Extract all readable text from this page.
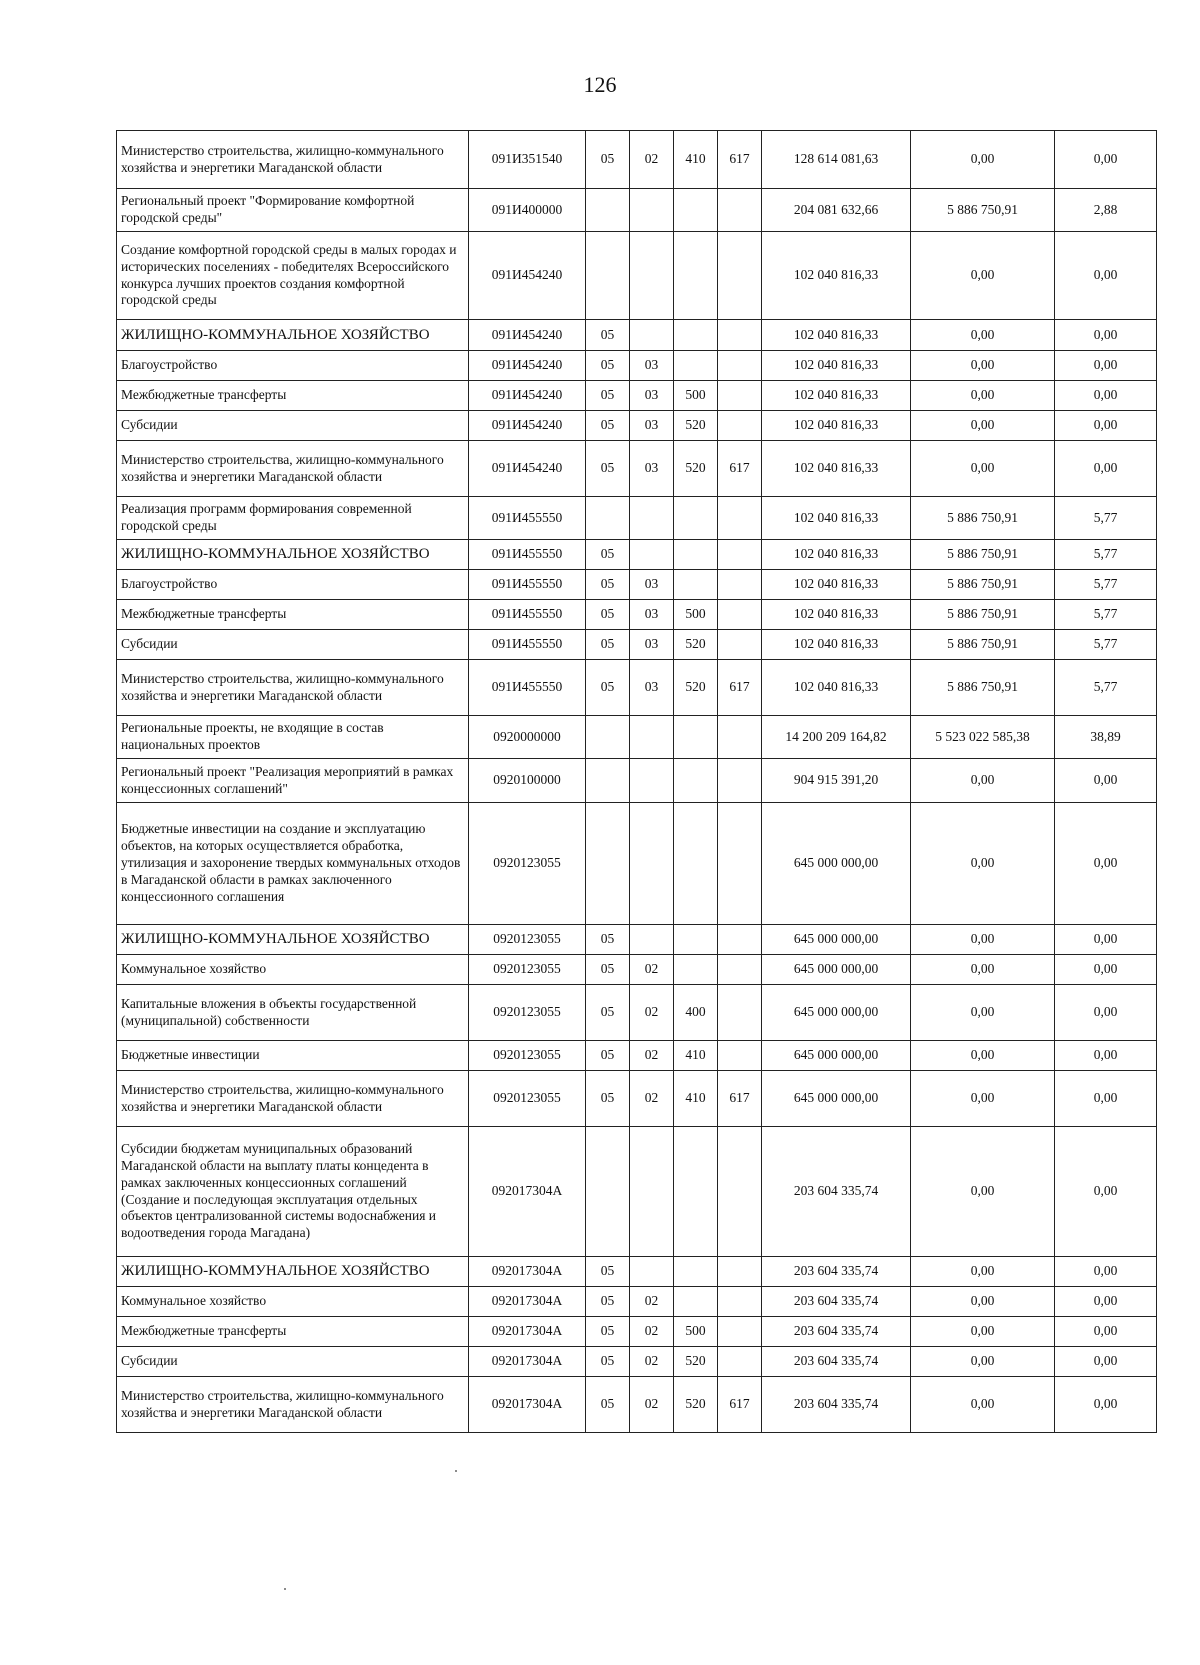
126
Министерство строительства, жилищно-коммунального хозяйства и энергетики Магаданской области	091И351540	05	02	410	617	128 614 081,63	0,00	0,00
Региональный проект "Формирование комфортной городской среды"	091И400000					204 081 632,66	5 886 750,91	2,88
Создание комфортной городской среды в малых городах и исторических поселениях - победителях Всероссийского конкурса лучших проектов создания комфортной городской среды	091И454240					102 040 816,33	0,00	0,00
ЖИЛИЩНО-КОММУНАЛЬНОЕ ХОЗЯЙСТВО	091И454240	05				102 040 816,33	0,00	0,00
Благоустройство	091И454240	05	03			102 040 816,33	0,00	0,00
Межбюджетные трансферты	091И454240	05	03	500		102 040 816,33	0,00	0,00
Субсидии	091И454240	05	03	520		102 040 816,33	0,00	0,00
Министерство строительства, жилищно-коммунального хозяйства и энергетики Магаданской области	091И454240	05	03	520	617	102 040 816,33	0,00	0,00
Реализация программ формирования современной городской среды	091И455550					102 040 816,33	5 886 750,91	5,77
ЖИЛИЩНО-КОММУНАЛЬНОЕ ХОЗЯЙСТВО	091И455550	05				102 040 816,33	5 886 750,91	5,77
Благоустройство	091И455550	05	03			102 040 816,33	5 886 750,91	5,77
Межбюджетные трансферты	091И455550	05	03	500		102 040 816,33	5 886 750,91	5,77
Субсидии	091И455550	05	03	520		102 040 816,33	5 886 750,91	5,77
Министерство строительства, жилищно-коммунального хозяйства и энергетики Магаданской области	091И455550	05	03	520	617	102 040 816,33	5 886 750,91	5,77
Региональные проекты, не входящие в состав национальных проектов	0920000000					14 200 209 164,82	5 523 022 585,38	38,89
Региональный проект "Реализация мероприятий в рамках концессионных соглашений"	0920100000					904 915 391,20	0,00	0,00
Бюджетные инвестиции на создание и эксплуатацию объектов, на которых осуществляется обработка, утилизация и захоронение твердых коммунальных отходов в Магаданской области в рамках заключенного концессионного соглашения	0920123055					645 000 000,00	0,00	0,00
ЖИЛИЩНО-КОММУНАЛЬНОЕ ХОЗЯЙСТВО	0920123055	05				645 000 000,00	0,00	0,00
Коммунальное хозяйство	0920123055	05	02			645 000 000,00	0,00	0,00
Капитальные вложения в объекты государственной (муниципальной) собственности	0920123055	05	02	400		645 000 000,00	0,00	0,00
Бюджетные инвестиции	0920123055	05	02	410		645 000 000,00	0,00	0,00
Министерство строительства, жилищно-коммунального хозяйства и энергетики Магаданской области	0920123055	05	02	410	617	645 000 000,00	0,00	0,00
Субсидии бюджетам муниципальных образований Магаданской области на выплату платы концедента в рамках заключенных концессионных соглашений (Создание и последующая эксплуатация отдельных объектов централизованной системы водоснабжения и водоотведения города Магадана)	092017304А					203 604 335,74	0,00	0,00
ЖИЛИЩНО-КОММУНАЛЬНОЕ ХОЗЯЙСТВО	092017304А	05				203 604 335,74	0,00	0,00
Коммунальное хозяйство	092017304А	05	02			203 604 335,74	0,00	0,00
Межбюджетные трансферты	092017304А	05	02	500		203 604 335,74	0,00	0,00
Субсидии	092017304А	05	02	520		203 604 335,74	0,00	0,00
Министерство строительства, жилищно-коммунального хозяйства и энергетики Магаданской области	092017304А	05	02	520	617	203 604 335,74	0,00	0,00
